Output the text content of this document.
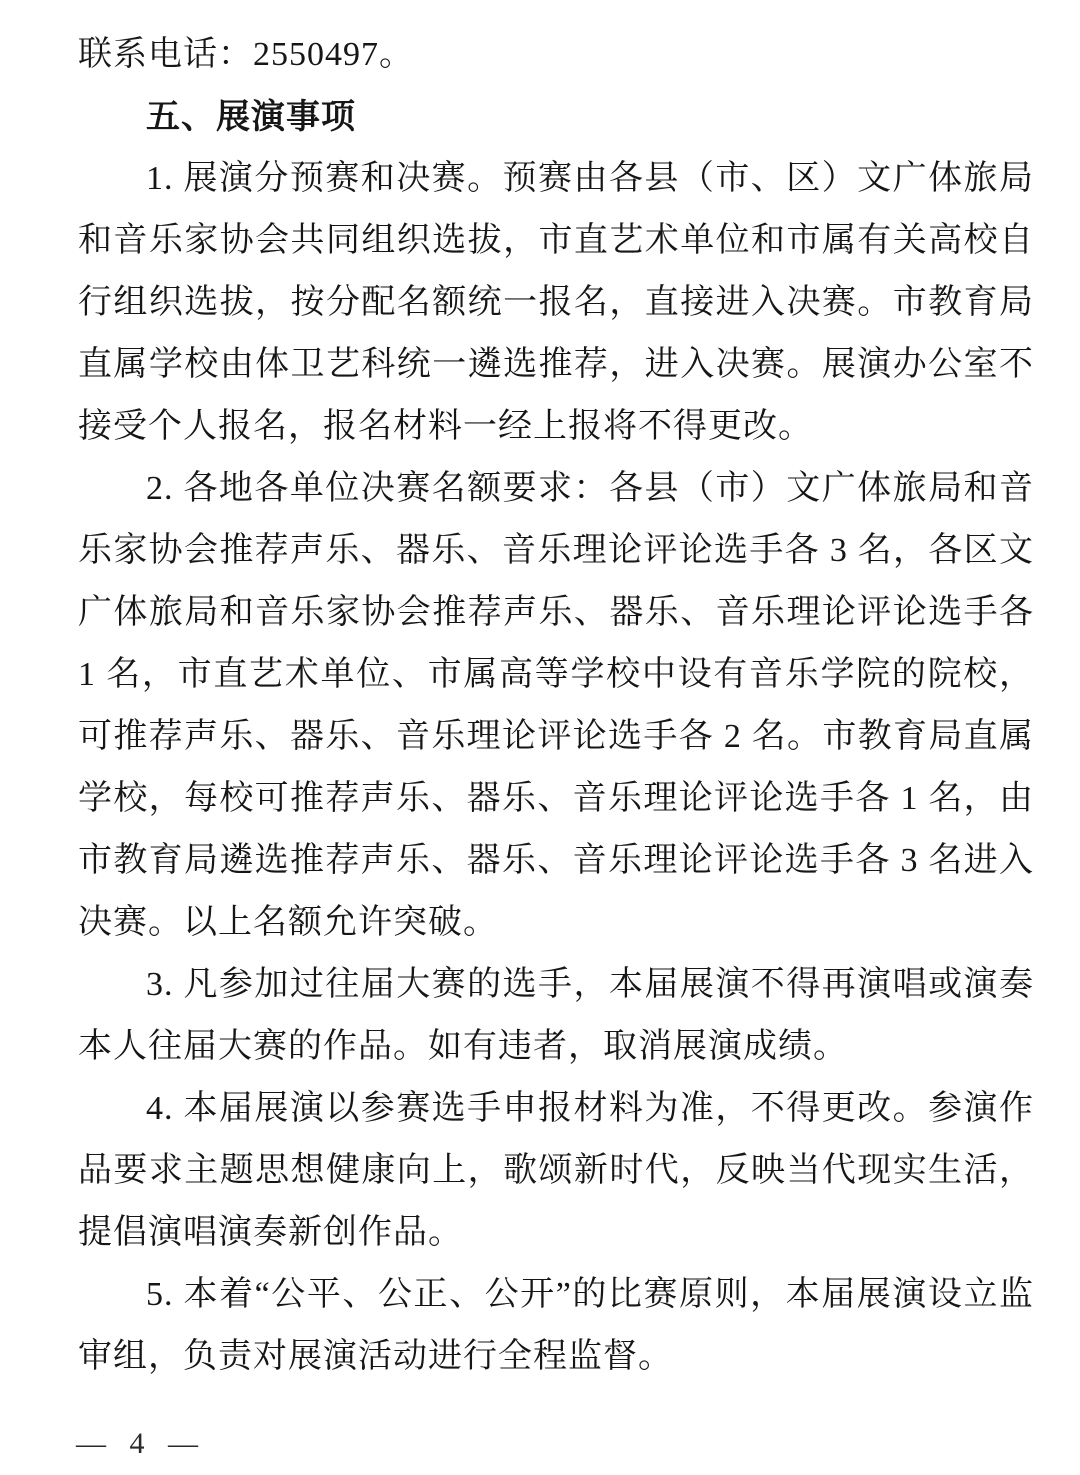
联系电话：2550497。

五、展演事项

1. 展演分预赛和决赛。预赛由各县（市、区）文广体旅局和音乐家协会共同组织选拔，市直艺术单位和市属有关高校自行组织选拔，按分配名额统一报名，直接进入决赛。市教育局直属学校由体卫艺科统一遴选推荐，进入决赛。展演办公室不接受个人报名，报名材料一经上报将不得更改。

2. 各地各单位决赛名额要求：各县（市）文广体旅局和音乐家协会推荐声乐、器乐、音乐理论评论选手各 3 名，各区文广体旅局和音乐家协会推荐声乐、器乐、音乐理论评论选手各 1 名，市直艺术单位、市属高等学校中设有音乐学院的院校，可推荐声乐、器乐、音乐理论评论选手各 2 名。市教育局直属学校，每校可推荐声乐、器乐、音乐理论评论选手各 1 名，由市教育局遴选推荐声乐、器乐、音乐理论评论选手各 3 名进入决赛。以上名额允许突破。

3. 凡参加过往届大赛的选手，本届展演不得再演唱或演奏本人往届大赛的作品。如有违者，取消展演成绩。

4. 本届展演以参赛选手申报材料为准，不得更改。参演作品要求主题思想健康向上，歌颂新时代，反映当代现实生活，提倡演唱演奏新创作品。

5. 本着“公平、公正、公开”的比赛原则，本届展演设立监审组，负责对展演活动进行全程监督。

— 4 —
